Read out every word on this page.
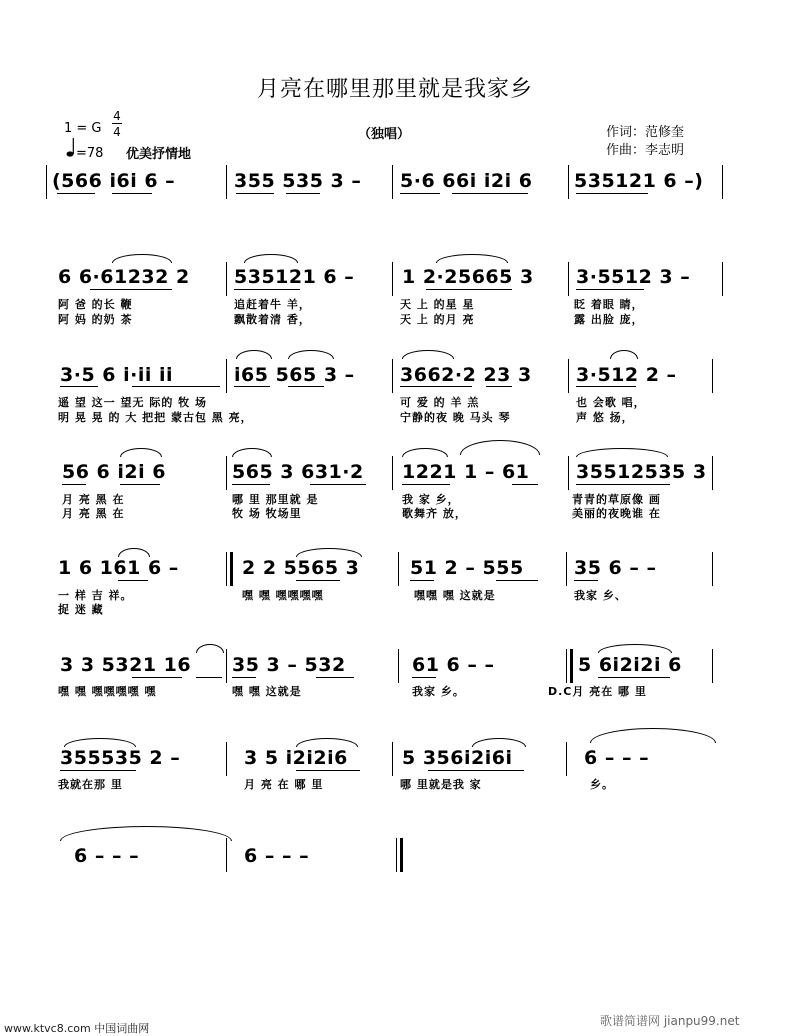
月亮在哪里那里就是我家乡
1 = G
4
4
=78 优美抒情地
（独唱）	作词：范修奎
作曲：李志明
(566 i6i 6 –	355 535 3 – 5·6 66i i2i 6 535121 6 –)
6 6·61232 2 535121 6 –	1 2·25665 3 3·5512 3 –
阿 爸 的长 鞭	追赶着牛 羊，	天 上 的星 星	眨 着眼 睛，
阿 妈 的奶 茶	飘散着清 香，	天 上 的月 亮	露 出脸 庞，
3·5 6 i·ii ii	i65 565 3 – 3662·2 23 3 3·512 2 –
遥 望 这一 望无 际的 牧 场	可 爱 的 羊 羔	也 会歌 唱，
明 晃 晃 的 大 把把 蒙古包 黑 亮，	宁静的夜 晚 马头 琴	声 悠 扬，
56 6 i2i 6	565 3 631·2 1221 1 – 61 35512535 3
月 亮 黑 在	哪 里 那里就 是	我 家 乡，	青青的草原像 画
月 亮 黑 在	牧 场 牧场里	歌舞齐 放，	美丽的夜晚谁 在
1 6 161 6 –	2 2 5565 3	51 2 – 555	35 6 – –
一 样 吉 祥。	嘿 嘿 嘿嘿嘿嘿	嘿嘿 嘿 这就是	我家 乡、
捉 迷 藏
3 3 5321 16 35 3 – 532	61 6 – –	5 6i2i2i 6
嘿 嘿 嘿嘿嘿嘿 嘿	嘿 嘿 这就是	我家 乡。	D.C月 亮在 哪 里
355535 2 –	3 5 i2i2i6	5 356i2i6i	6 – – –
我就在那 里	月 亮 在 哪 里	哪 里就是我 家	乡。
6 – – –	6 – – –
www.ktvc8.com 中国词曲网
歌谱简谱网 jianpu99.net
